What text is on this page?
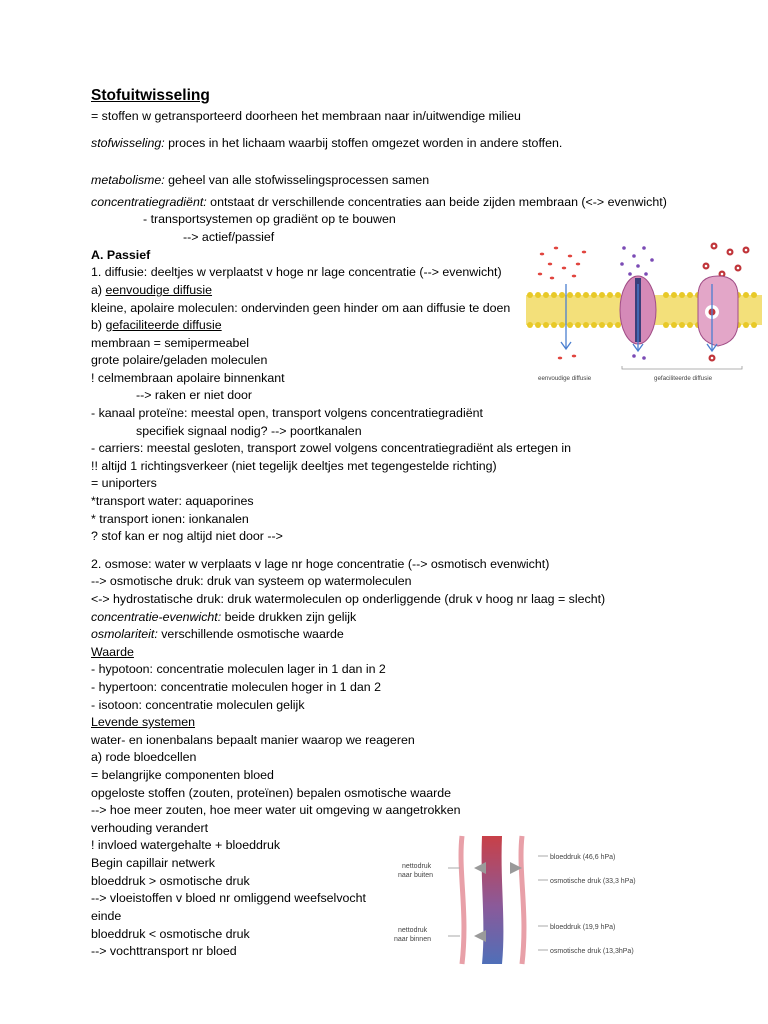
Stofuitwisseling
= stoffen w getransporteerd doorheen het membraan naar in/uitwendige milieu
stofwisseling: proces in het lichaam waarbij stoffen omgezet worden in andere stoffen.
metabolisme: geheel van alle stofwisselingsprocessen samen
concentratiegradiënt: ontstaat dr verschillende concentraties aan beide zijden membraan (<-> evenwicht)
- transportsystemen op gradiënt op te bouwen
--> actief/passief
A. Passief
1. diffusie: deeltjes w verplaatst v hoge nr lage concentratie (--> evenwicht)
a) eenvoudige diffusie
kleine, apolaire moleculen: ondervinden geen hinder om aan diffusie te doen
b) gefaciliteerde diffusie
membraan = semipermeabel
grote polaire/geladen moleculen
! celmembraan apolaire binnenkant
--> raken er niet door
- kanaal proteïne: meestal open, transport volgens concentratiegradiënt
specifiek signaal nodig? --> poortkanalen
- carriers: meestal gesloten, transport zowel volgens concentratiegradiënt als ertegen in
!! altijd 1 richtingsverkeer (niet tegelijk deeltjes met tegengestelde richting)
= uniporters
*transport water: aquaporines
* transport ionen: ionkanalen
? stof kan er nog altijd niet door -->
2. osmose: water w verplaats v lage nr hoge concentratie (--> osmotisch evenwicht)
--> osmotische druk: druk van systeem op watermoleculen
<-> hydrostatische druk: druk watermoleculen op onderliggende (druk v hoog nr laag = slecht)
concentratie-evenwicht: beide drukken zijn gelijk
osmolariteit: verschillende osmotische waarde
Waarde
- hypotoon: concentratie moleculen lager in 1 dan in 2
- hypertoon: concentratie moleculen hoger in 1 dan 2
- isotoon: concentratie moleculen gelijk
Levende systemen
water- en ionenbalans bepaalt manier waarop we reageren
a) rode bloedcellen
= belangrijke componenten bloed
opgeloste stoffen (zouten, proteïnen) bepalen osmotische waarde
--> hoe meer zouten, hoe meer water uit omgeving w aangetrokken
verhouding verandert
! invloed watergehalte + bloeddruk
Begin capillair netwerk
bloeddruk > osmotische druk
--> vloeistoffen v bloed nr omliggend weefselvocht
einde
bloeddruk < osmotische druk
--> vochttransport nr bloed
eenvoudige diffusie	gefaciliteerde diffusie
nettodruk
naar buiten
nettodruk
naar binnen
bloeddruk (46,6 hPa)
osmotische druk (33,3 hPa)
bloeddruk (19,9 hPa)
osmotische druk (13,3hPa)
